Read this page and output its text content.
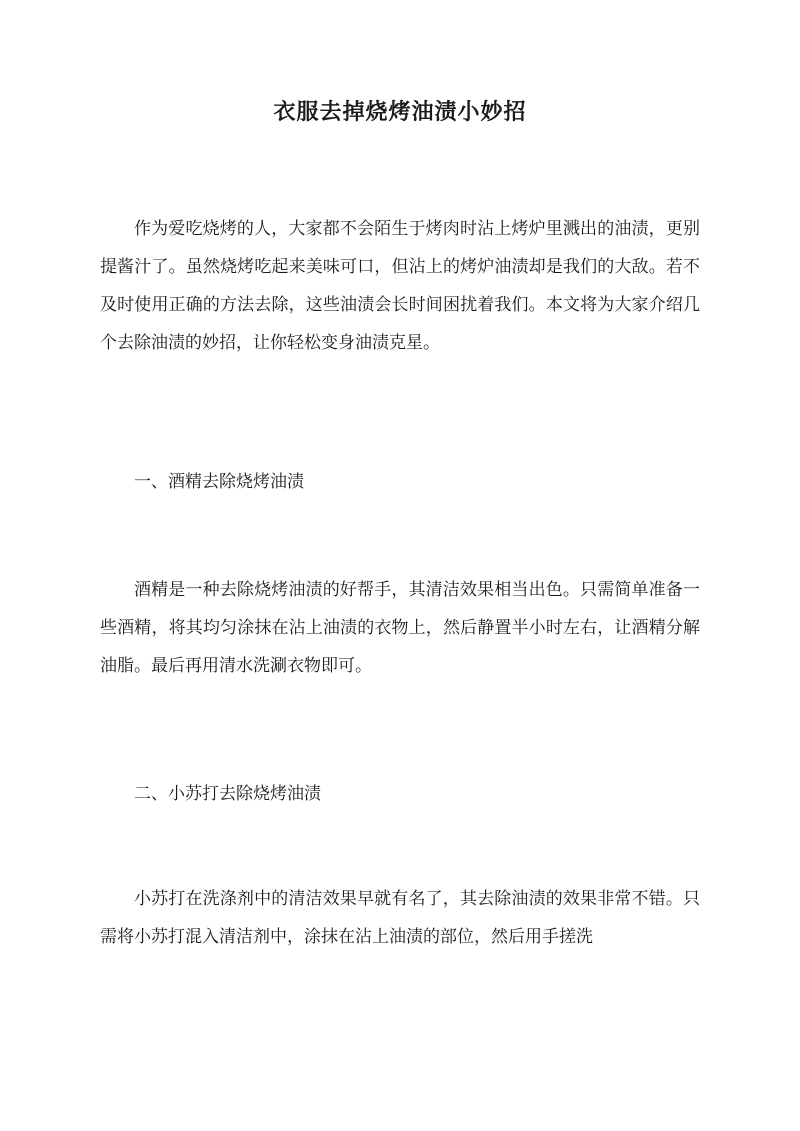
衣服去掉烧烤油渍小妙招
作为爱吃烧烤的人，大家都不会陌生于烤肉时沾上烤炉里溅出的油渍，更别提酱汁了。虽然烧烤吃起来美味可口，但沾上的烤炉油渍却是我们的大敌。若不及时使用正确的方法去除，这些油渍会长时间困扰着我们。本文将为大家介绍几个去除油渍的妙招，让你轻松变身油渍克星。
一、酒精去除烧烤油渍
酒精是一种去除烧烤油渍的好帮手，其清洁效果相当出色。只需简单准备一些酒精，将其均匀涂抹在沾上油渍的衣物上，然后静置半小时左右，让酒精分解油脂。最后再用清水洗涮衣物即可。
二、小苏打去除烧烤油渍
小苏打在洗涤剂中的清洁效果早就有名了，其去除油渍的效果非常不错。只需将小苏打混入清洁剂中，涂抹在沾上油渍的部位，然后用手搓洗
